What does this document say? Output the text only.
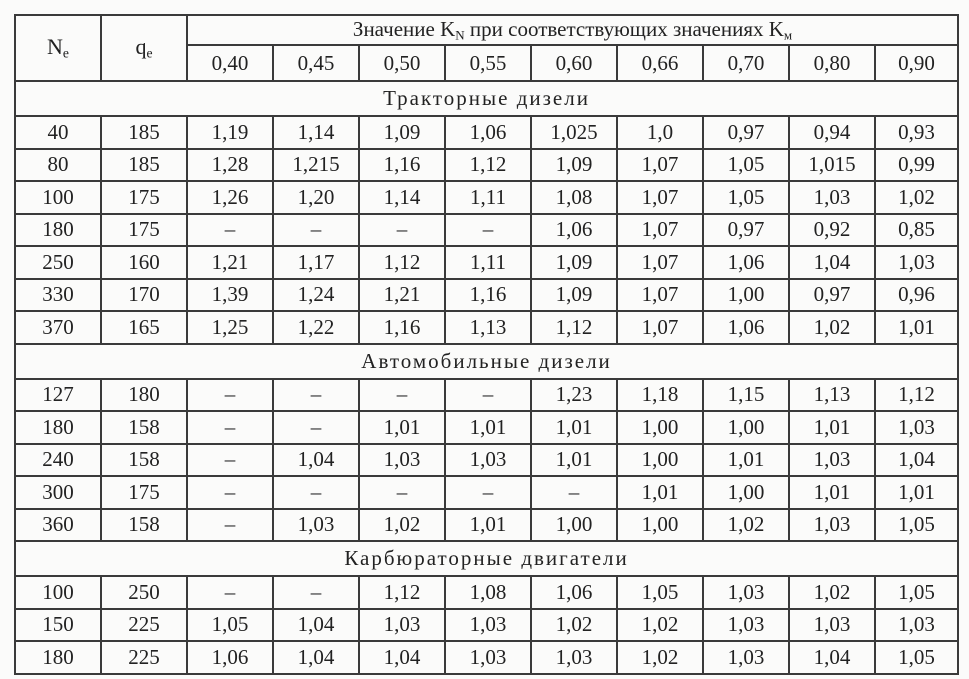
$N_e$	$q_e$	Значение $K_N$ при соответствующих значениях $K_м$
		0,40	0,45	0,50	0,55	0,60	0,66	0,70	0,80	0,90
Тракторные дизели										
40	185	1,19	1,14	1,09	1,06	1,025	1,0	0,97	0,94	0,93
80	185	1,28	1,215	1,16	1,12	1,09	1,07	1,05	1,015	0,99
100	175	1,26	1,20	1,14	1,11	1,08	1,07	1,05	1,03	1,02
180	175	–	–	–	–	1,06	1,07	0,97	0,92	0,85
250	160	1,21	1,17	1,12	1,11	1,09	1,07	1,06	1,04	1,03
330	170	1,39	1,24	1,21	1,16	1,09	1,07	1,00	0,97	0,96
370	165	1,25	1,22	1,16	1,13	1,12	1,07	1,06	1,02	1,01
Автомобильные дизели										
127	180	–	–	–	–	1,23	1,18	1,15	1,13	1,12
180	158	–	–	1,01	1,01	1,01	1,00	1,00	1,01	1,03
240	158	–	1,04	1,03	1,03	1,01	1,00	1,01	1,03	1,04
300	175	–	–	–	–	–	1,01	1,00	1,01	1,01
360	158	–	1,03	1,02	1,01	1,00	1,00	1,02	1,03	1,05
Карбюраторные двигатели										
100	250	–	–	1,12	1,08	1,06	1,05	1,03	1,02	1,05
150	225	1,05	1,04	1,03	1,03	1,02	1,02	1,03	1,03	1,03
180	225	1,06	1,04	1,04	1,03	1,03	1,02	1,03	1,04	1,05
